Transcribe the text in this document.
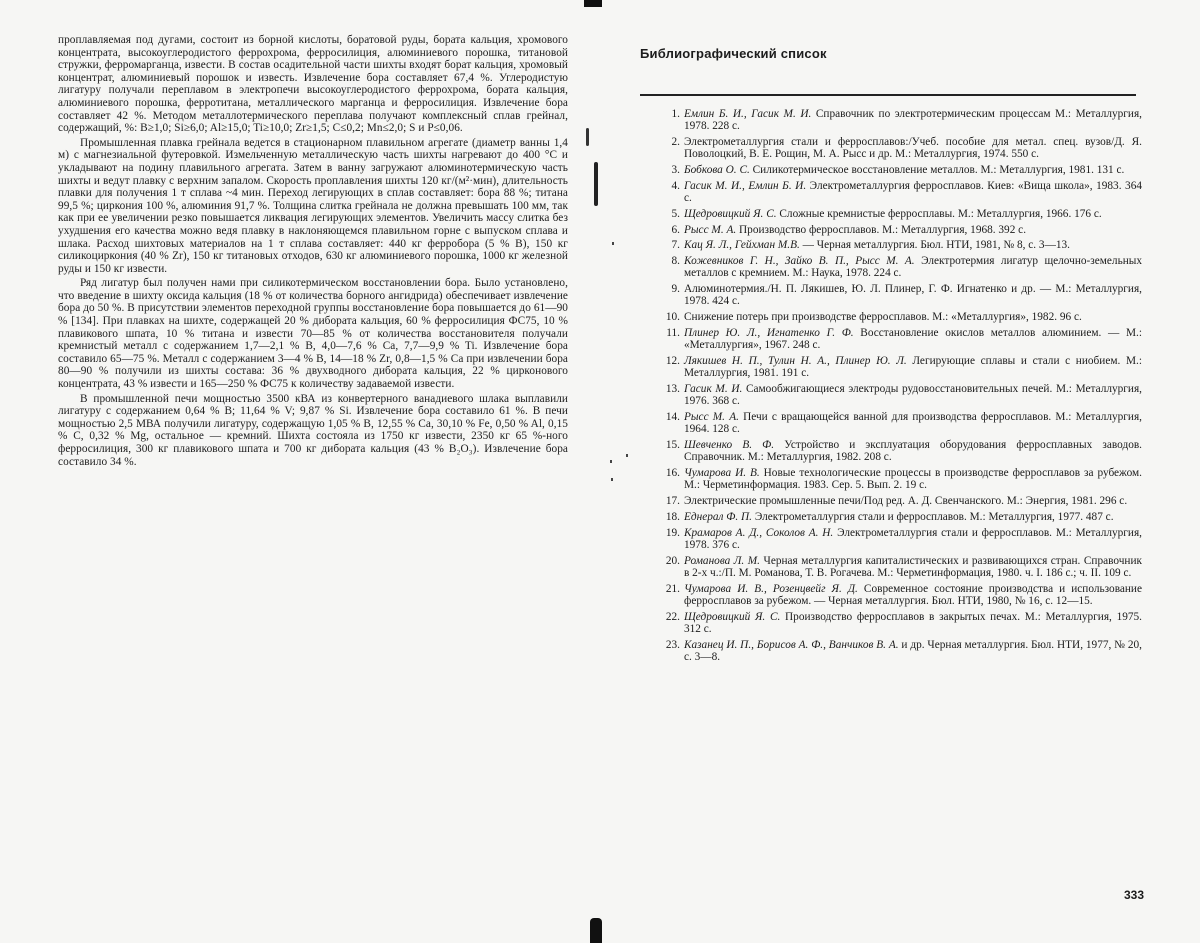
проплавляемая под дугами, состоит из борной кислоты, боратовой руды, бората кальция, хромового концентрата, высокоуглеродистого феррохрома, ферросилиция, алюминиевого порошка, титановой стружки, ферромарганца, извести. В состав осадительной части шихты входят борат кальция, хромовый концентрат, алюминиевый порошок и известь. Извлечение бора составляет 67,4 %. Углеродистую лигатуру получали переплавом в электропечи высокоуглеродистого феррохрома, бората кальция, алюминиевого порошка, ферротитана, металлического марганца и ферросилиция. Извлечение бора составляет 42 %. Методом металлотермического переплава получают комплексный сплав грейнал, содержащий, %: B≥1,0; Si≥6,0; Al≥15,0; Ti≥10,0; Zr≥1,5; C≤0,2; Mn≤2,0; S и P≤0,06.

Промышленная плавка грейнала ведется в стационарном плавильном агрегате (диаметр ванны 1,4 м) с магнезиальной футеровкой. Измельченную металлическую часть шихты нагревают до 400 °C и укладывают на подину плавильного агрегата. Затем в ванну загружают алюминотермическую часть шихты и ведут плавку с верхним запалом. Скорость проплавления шихты 120 кг/(м²·мин), длительность плавки для получения 1 т сплава ~4 мин. Переход легирующих в сплав составляет: бора 88 %; титана 99,5 %; циркония 100 %, алюминия 91,7 %. Толщина слитка грейнала не должна превышать 100 мм, так как при ее увеличении резко повышается ликвация легирующих элементов. Увеличить массу слитка без ухудшения его качества можно ведя плавку в наклоняющемся плавильном горне с выпуском сплава и шлака. Расход шихтовых материалов на 1 т сплава составляет: 440 кг ферробора (5 % B), 150 кг силикоциркония (40 % Zr), 150 кг титановых отходов, 630 кг алюминиевого порошка, 1000 кг железной руды и 150 кг извести.

Ряд лигатур был получен нами при силикотермическом восстановлении бора. Было установлено, что введение в шихту оксида кальция (18 % от количества борного ангидрида) обеспечивает извлечение бора до 50 %. В присутствии элементов переходной группы восстановление бора повышается до 61—90 % [134]. При плавках на шихте, содержащей 20 % дибората кальция, 60 % ферросилиция ФС75, 10 % плавикового шпата, 10 % титана и извести 70—85 % от количества восстановителя получали кремнистый металл с содержанием 1,7—2,1 % B, 4,0—7,6 % Ca, 7,7—9,9 % Ti. Извлечение бора составило 65—75 %. Металл с содержанием 3—4 % B, 14—18 % Zr, 0,8—1,5 % Ca при извлечении бора 80—90 % получили из шихты состава: 36 % двухводного дибората кальция, 22 % цирконового концентрата, 43 % извести и 165—250 % ФС75 к количеству задаваемой извести.

В промышленной печи мощностью 3500 кВА из конвертерного ванадиевого шлака выплавили лигатуру с содержанием 0,64 % B; 11,64 % V; 9,87 % Si. Извлечение бора составило 61 %. В печи мощностью 2,5 МВА получили лигатуру, содержащую 1,05 % B, 12,55 % Ca, 30,10 % Fe, 0,50 % Al, 0,15 % C, 0,32 % Mg, остальное — кремний. Шихта состояла из 1750 кг извести, 2350 кг 65 %-ного ферросилиция, 300 кг плавикового шпата и 700 кг дибората кальция (43 % B₂O₃). Извлечение бора составило 34 %.

Библиографический список
1. Емлин Б. И., Гасик М. И. Справочник по электротермическим процессам М.: Металлургия, 1978. 228 с.
2. Электрометаллургия стали и ферросплавов:/Учеб. пособие для метал. спец. вузов/Д. Я. Поволоцкий, В. Е. Рощин, М. А. Рысс и др. М.: Металлургия, 1974. 550 с.
3. Бобкова О. С. Силикотермическое восстановление металлов. М.: Металлургия, 1981. 131 с.
4. Гасик М. И., Емлин Б. И. Электрометаллургия ферросплавов. Киев: «Вища школа», 1983. 364 с.
5. Щедровицкий Я. С. Сложные кремнистые ферросплавы. М.: Металлургия, 1966. 176 с.
6. Рысс М. А. Производство ферросплавов. М.: Металлургия, 1968. 392 с.
7. Кац Я. Л., Гейхман М.В. — Черная металлургия. Бюл. НТИ, 1981, № 8, с. 3—13.
8. Кожевников Г. Н., Зайко В. П., Рысс М. А. Электротермия лигатур щелочно-земельных металлов с кремнием. М.: Наука, 1978. 224 с.
9. Алюминотермия./Н. П. Лякишев, Ю. Л. Плинер, Г. Ф. Игнатенко и др. — М.: Металлургия, 1978. 424 с.
10. Снижение потерь при производстве ферросплавов. М.: «Металлургия», 1982. 96 с.
11. Плинер Ю. Л., Игнатенко Г. Ф. Восстановление окислов металлов алюминием. — М.: «Металлургия», 1967. 248 с.
12. Лякишев Н. П., Тулин Н. А., Плинер Ю. Л. Легирующие сплавы и стали с ниобием. М.: Металлургия, 1981. 191 с.
13. Гасик М. И. Самообжигающиеся электроды рудовосстановительных печей. М.: Металлургия, 1976. 368 с.
14. Рысс М. А. Печи с вращающейся ванной для производства ферросплавов. М.: Металлургия, 1964. 128 с.
15. Шевченко В. Ф. Устройство и эксплуатация оборудования ферросплавных заводов. Справочник. М.: Металлургия, 1982. 208 с.
16. Чумарова И. В. Новые технологические процессы в производстве ферросплавов за рубежом. М.: Черметинформация. 1983. Сер. 5. Вып. 2. 19 с.
17. Электрические промышленные печи/Под ред. А. Д. Свенчанского. М.: Энергия, 1981. 296 с.
18. Еднерал Ф. П. Электрометаллургия стали и ферросплавов. М.: Металлургия, 1977. 487 с.
19. Крамаров А. Д., Соколов А. Н. Электрометаллургия стали и ферросплавов. М.: Металлургия, 1978. 376 с.
20. Романова Л. М. Черная металлургия капиталистических и развивающихся стран. Справочник в 2-х ч.:/П. М. Романова, Т. В. Рогачева. М.: Черметинформация, 1980. ч. I. 186 с.; ч. II. 109 с.
21. Чумарова И. В., Розенцвейг Я. Д. Современное состояние производства и использование ферросплавов за рубежом. — Черная металлургия. Бюл. НТИ, 1980, № 16, с. 12—15.
22. Щедровицкий Я. С. Производство ферросплавов в закрытых печах. М.: Металлургия, 1975. 312 с.
23. Казанец И. П., Борисов А. Ф., Ванчиков В. А. и др. Черная металлургия. Бюл. НТИ, 1977, № 20, с. 3—8.
333
